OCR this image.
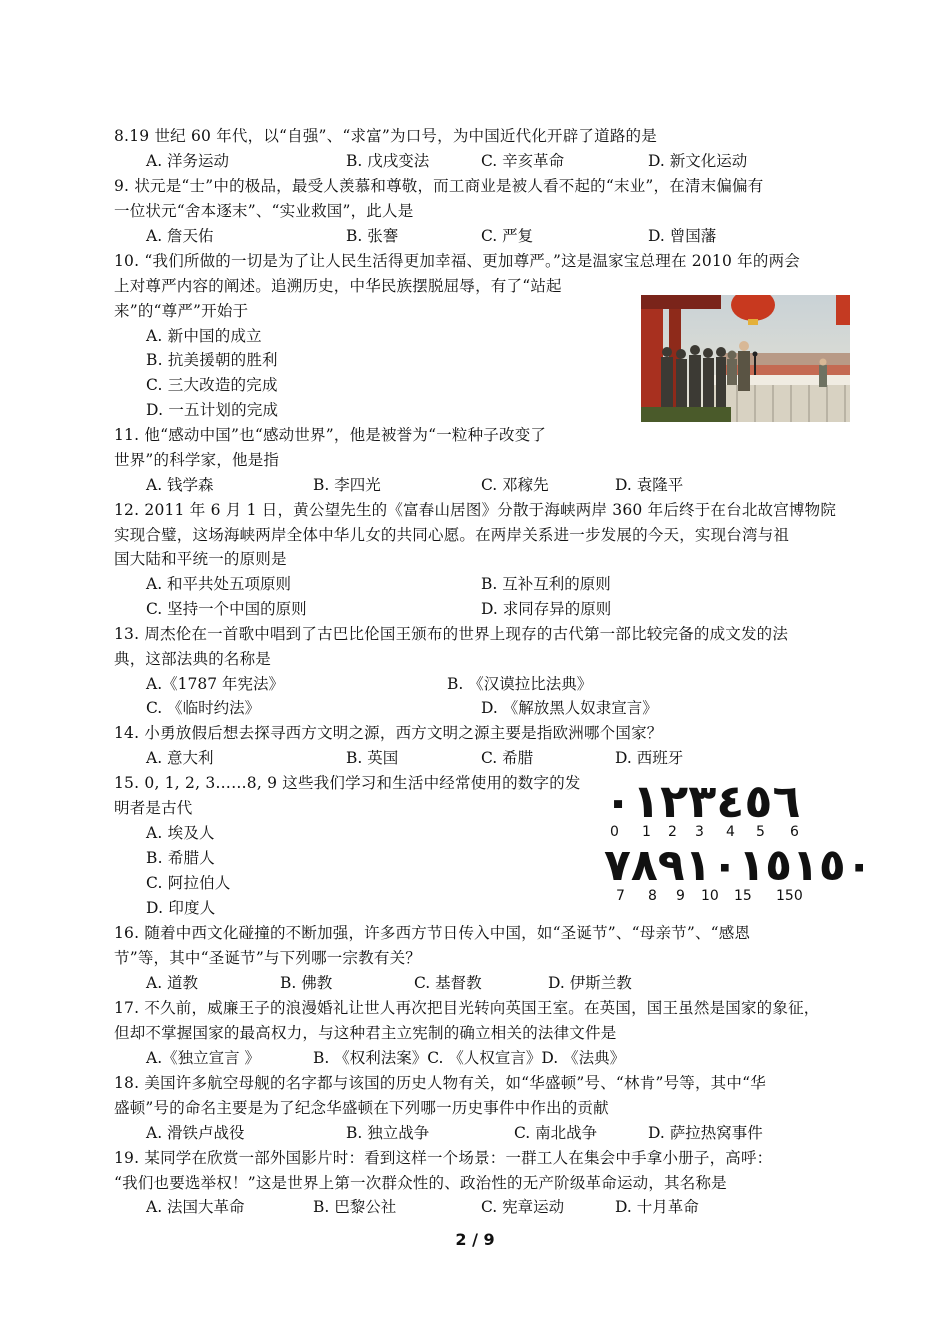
8.19 世纪 60 年代，以“自强”、“求富”为口号，为中国近代化开辟了道路的是
A. 洋务运动	B. 戊戌变法	C. 辛亥革命	D. 新文化运动
9. 状元是“士”中的极品，最受人羡慕和尊敬，而工商业是被人看不起的“末业”，在清末偏偏有
一位状元“舍本逐末”、“实业救国”，此人是
A. 詹天佑	B. 张謇	C. 严复	D. 曾国藩
10. “我们所做的一切是为了让人民生活得更加幸福、更加尊严。”这是温家宝总理在 2010 年的两会
上对尊严内容的阐述。追溯历史，中华民族摆脱屈辱，有了“站起
来”的“尊严”开始于
A. 新中国的成立
B. 抗美援朝的胜利
C. 三大改造的完成
D. 一五计划的完成
11. 他“感动中国”也“感动世界”，他是被誉为“一粒种子改变了
世界”的科学家，他是指
A. 钱学森	B. 李四光	C. 邓稼先	D. 袁隆平
12. 2011 年 6 月 1 日，黄公望先生的《富春山居图》分散于海峡两岸 360 年后终于在台北故宫博物院
实现合璧，这场海峡两岸全体中华儿女的共同心愿。在两岸关系进一步发展的今天，实现台湾与祖
国大陆和平统一的原则是
A. 和平共处五项原则	B. 互补互利的原则
C. 坚持一个中国的原则	D. 求同存异的原则
13. 周杰伦在一首歌中唱到了古巴比伦国王颁布的世界上现存的古代第一部比较完备的成文发的法
典，这部法典的名称是
A.《1787 年宪法》	B. 《汉谟拉比法典》
C. 《临时约法》	D. 《解放黑人奴隶宣言》
14. 小勇放假后想去探寻西方文明之源，西方文明之源主要是指欧洲哪个国家？
A. 意大利	B. 英国	C. 希腊	D. 西班牙
15. 0, 1, 2, 3……8, 9 这些我们学习和生活中经常使用的数字的发
明者是古代
A. 埃及人
B. 希腊人
C. 阿拉伯人
D. 印度人
٠١٢٣٤٥٦
0 1 2 3 4 5 6
٧٨٩١٠١٥١٥٠
7 8 9 10 15 150
16. 随着中西文化碰撞的不断加强，许多西方节日传入中国，如“圣诞节”、“母亲节”、“感恩
节”等，其中“圣诞节”与下列哪一宗教有关？
A. 道教	B. 佛教	C. 基督教	D. 伊斯兰教
17. 不久前，威廉王子的浪漫婚礼让世人再次把目光转向英国王室。在英国，国王虽然是国家的象征，
但却不掌握国家的最高权力，与这种君主立宪制的确立相关的法律文件是
A.《独立宣言 》	B. 《权利法案》C. 《人权宣言》D. 《法典》
18. 美国许多航空母舰的名字都与该国的历史人物有关，如“华盛顿”号、“林肯”号等，其中“华
盛顿”号的命名主要是为了纪念华盛顿在下列哪一历史事件中作出的贡献
A. 滑铁卢战役	B. 独立战争	C. 南北战争	D. 萨拉热窝事件
19. 某同学在欣赏一部外国影片时：看到这样一个场景：一群工人在集会中手拿小册子，高呼：
“我们也要选举权！”这是世界上第一次群众性的、政治性的无产阶级革命运动，其名称是
A. 法国大革命	B. 巴黎公社	C. 宪章运动	D. 十月革命
2 / 9
